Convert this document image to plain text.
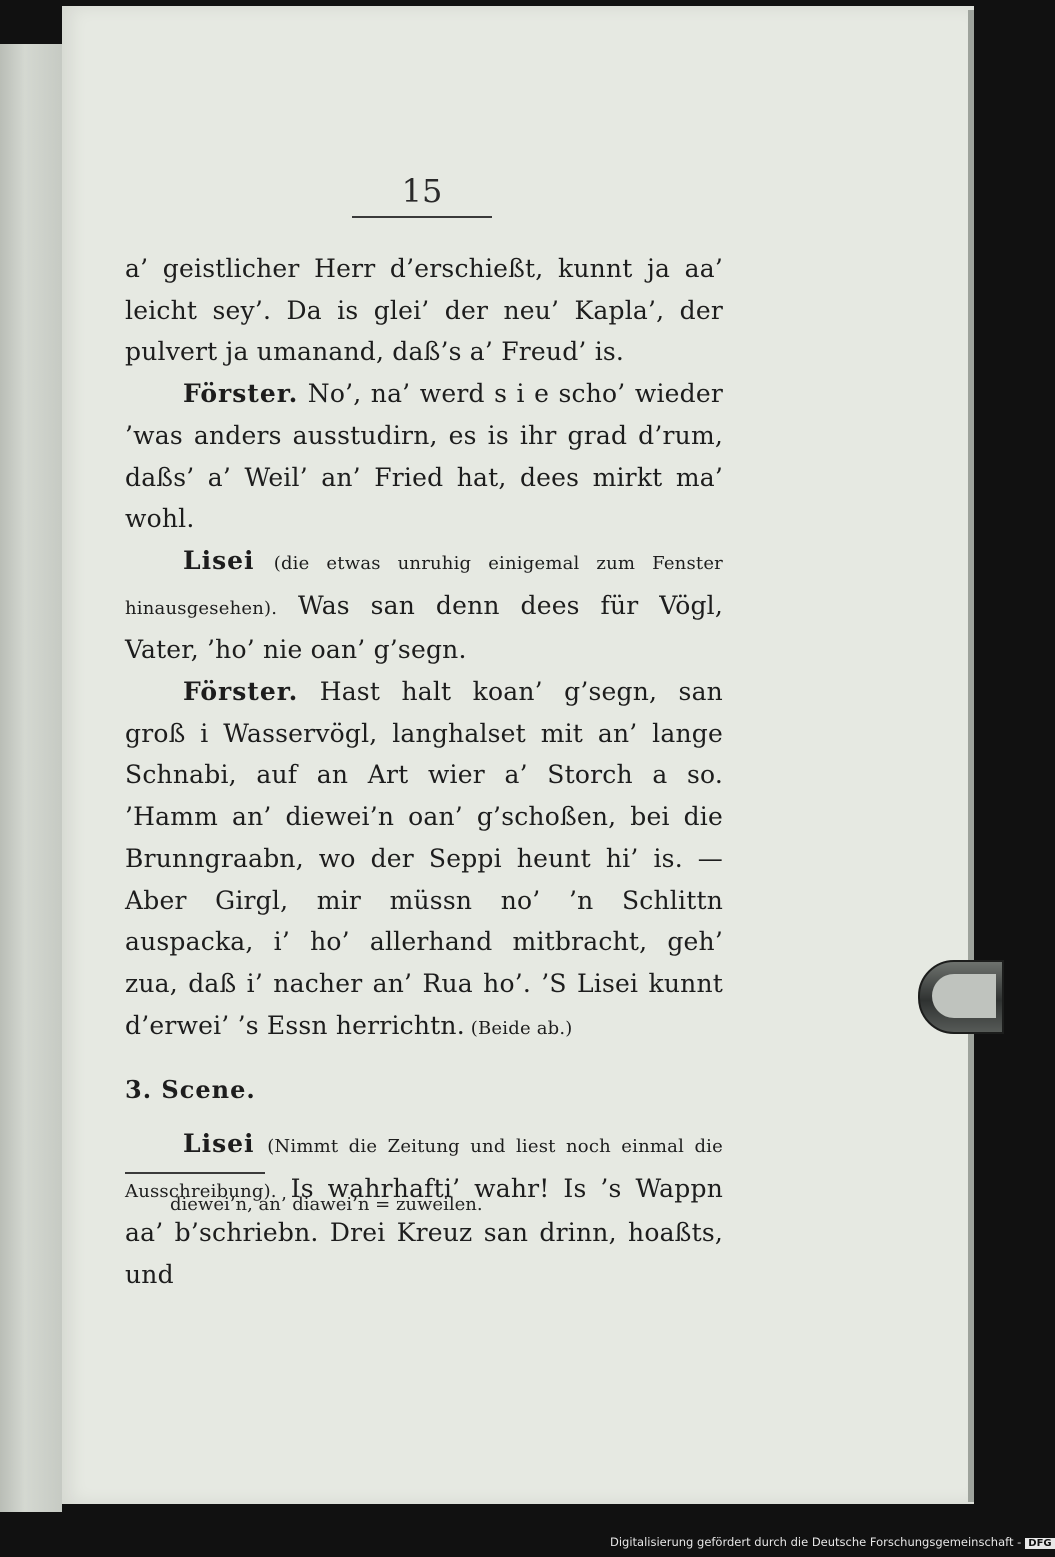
15

a’ geistlicher Herr d’erschießt, kunnt ja aa’ leicht sey’. Da is glei’ der neu’ Kapla’, der pulvert ja umanand, daß’s a’ Freud’ is.

Förster. No’, na’ werd s i e scho’ wieder ’was anders ausstudirn, es is ihr grad d’rum, daßs’ a’ Weil’ an’ Fried hat, dees mirkt ma’ wohl.

Lisei (die etwas unruhig einigemal zum Fenster hinausgesehen). Was san denn dees für Vögl, Vater, ’ho’ nie oan’ g’segn.

Förster. Hast halt koan’ g’segn, san groß i Wasservögl, langhalset mit an’ lange Schnabi, auf an Art wier a’ Storch a so. ’Hamm an’ diewei’n oan’ g’schoßen, bei die Brunngraabn, wo der Seppi heunt hi’ is. — Aber Girgl, mir müssn no’ ’n Schlittn auspacka, i’ ho’ allerhand mitbracht, geh’ zua, daß i’ nacher an’ Rua ho’. ’S Lisei kunnt d’erwei’ ’s Essn herrichtn. (Beide ab.)

3. Scene.

Lisei (Nimmt die Zeitung und liest noch einmal die Ausschreibung). Is wahrhafti’ wahr! Is ’s Wappn aa’ b’schriebn. Drei Kreuz san drinn, hoaßts, und

diewei’n, an’ diawei’n = zuweilen.
Digitalisierung gefördert durch die Deutsche Forschungsgemeinschaft - DFG
